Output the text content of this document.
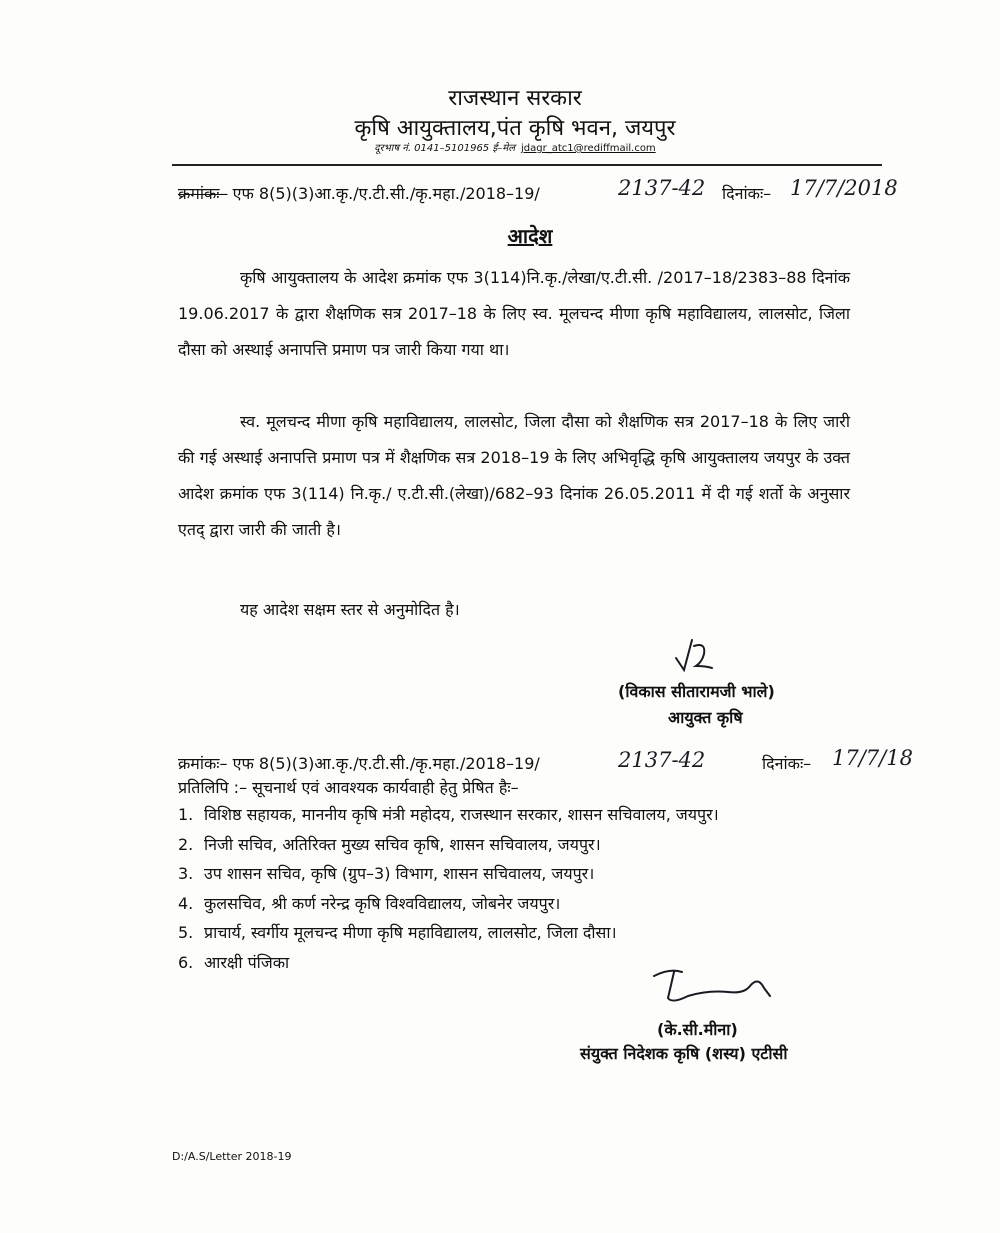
राजस्थान सरकार
कृषि आयुक्तालय,पंत कृषि भवन, जयपुर
दूरभाष नं. 0141–5101965 ई–मेल jdagr_atc1@rediffmail.com
क्रमांकः– एफ 8(5)(3)आ.कृ./ए.टी.सी./कृ.महा./2018–19/	2137-42 दिनांकः– 17/7/2018
आदेश
कृषि आयुक्तालय के आदेश क्रमांक एफ 3(114)नि.कृ./लेखा/ए.टी.सी. /2017–18/2383–88 दिनांक 19.06.2017 के द्वारा शैक्षणिक सत्र 2017–18 के लिए स्व. मूलचन्द मीणा कृषि महाविद्यालय, लालसोट, जिला दौसा को अस्थाई अनापत्ति प्रमाण पत्र जारी किया गया था।
स्व. मूलचन्द मीणा कृषि महाविद्यालय, लालसोट, जिला दौसा को शैक्षणिक सत्र 2017–18 के लिए जारी की गई अस्थाई अनापत्ति प्रमाण पत्र में शैक्षणिक सत्र 2018–19 के लिए अभिवृद्धि कृषि आयुक्तालय जयपुर के उक्त आदेश क्रमांक एफ 3(114) नि.कृ./ ए.टी.सी.(लेखा)/682–93 दिनांक 26.05.2011 में दी गई शर्तो के अनुसार एतद् द्वारा जारी की जाती है।
यह आदेश सक्षम स्तर से अनुमोदित है।
(विकास सीतारामजी भाले)
आयुक्त कृषि
क्रमांकः– एफ 8(5)(3)आ.कृ./ए.टी.सी./कृ.महा./2018–19/	2137-42	दिनांकः– 17/7/18
प्रतिलिपि :– सूचनार्थ एवं आवश्यक कार्यवाही हेतु प्रेषित हैः–
1. विशिष्ठ सहायक, माननीय कृषि मंत्री महोदय, राजस्थान सरकार, शासन सचिवालय, जयपुर।
2. निजी सचिव, अतिरिक्त मुख्य सचिव कृषि, शासन सचिवालय, जयपुर।
3. उप शासन सचिव, कृषि (ग्रुप–3) विभाग, शासन सचिवालय, जयपुर।
4. कुलसचिव, श्री कर्ण नरेन्द्र कृषि विश्वविद्यालय, जोबनेर जयपुर।
5. प्राचार्य, स्वर्गीय मूलचन्द मीणा कृषि महाविद्यालय, लालसोट, जिला दौसा।
6. आरक्षी पंजिका
(के.सी.मीना)
संयुक्त निदेशक कृषि (शस्य) एटीसी
D:/A.S/Letter 2018-19
